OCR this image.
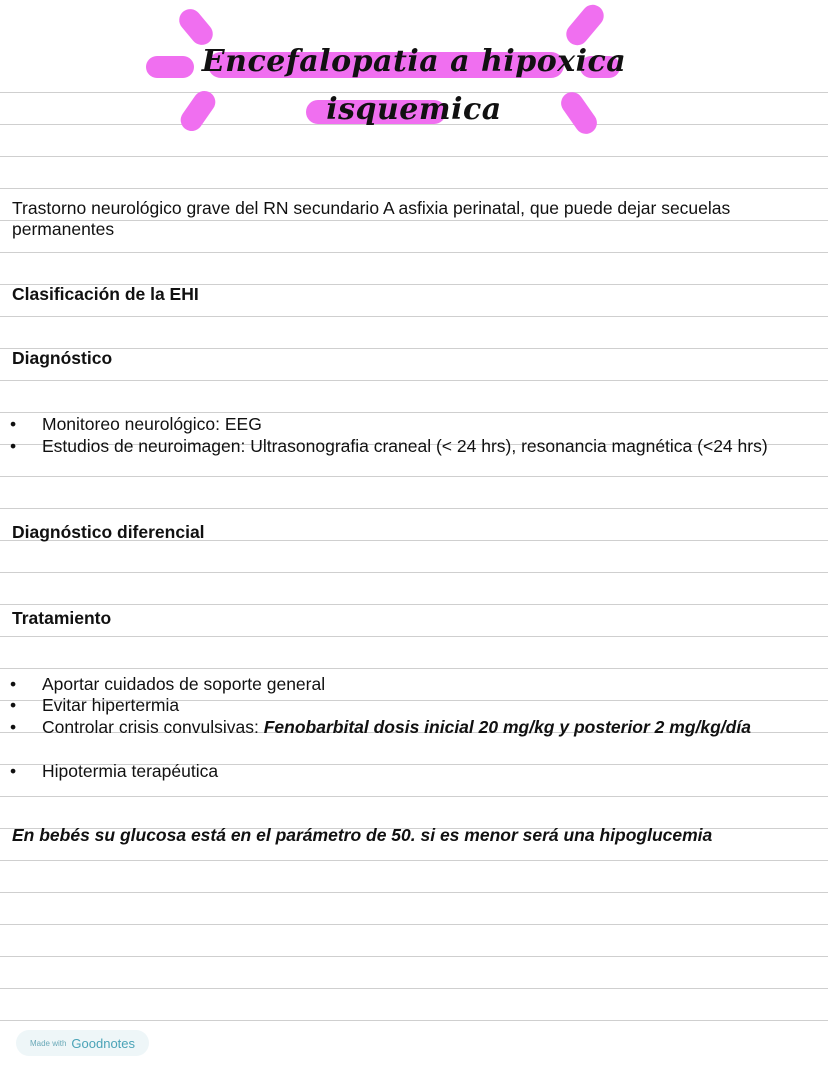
Encefalopatia a hipoxica
isquemica
Trastorno neurológico grave del RN secundario A asfixia perinatal, que puede dejar secuelas permanentes
Clasificación de la EHI
Diagnóstico
• Monitoreo neurológico: EEG
• Estudios de neuroimagen: Ultrasonografia craneal (< 24 hrs), resonancia magnética (<24 hrs)
Diagnóstico diferencial
Tratamiento
• Aportar cuidados de soporte general
• Evitar hipertermia
• Controlar crisis convulsivas: Fenobarbital dosis inicial 20 mg/kg y posterior 2 mg/kg/día
• Hipotermia terapéutica
En bebés su glucosa está en el parámetro de 50. si es menor será una hipoglucemia
Made with Goodnotes
